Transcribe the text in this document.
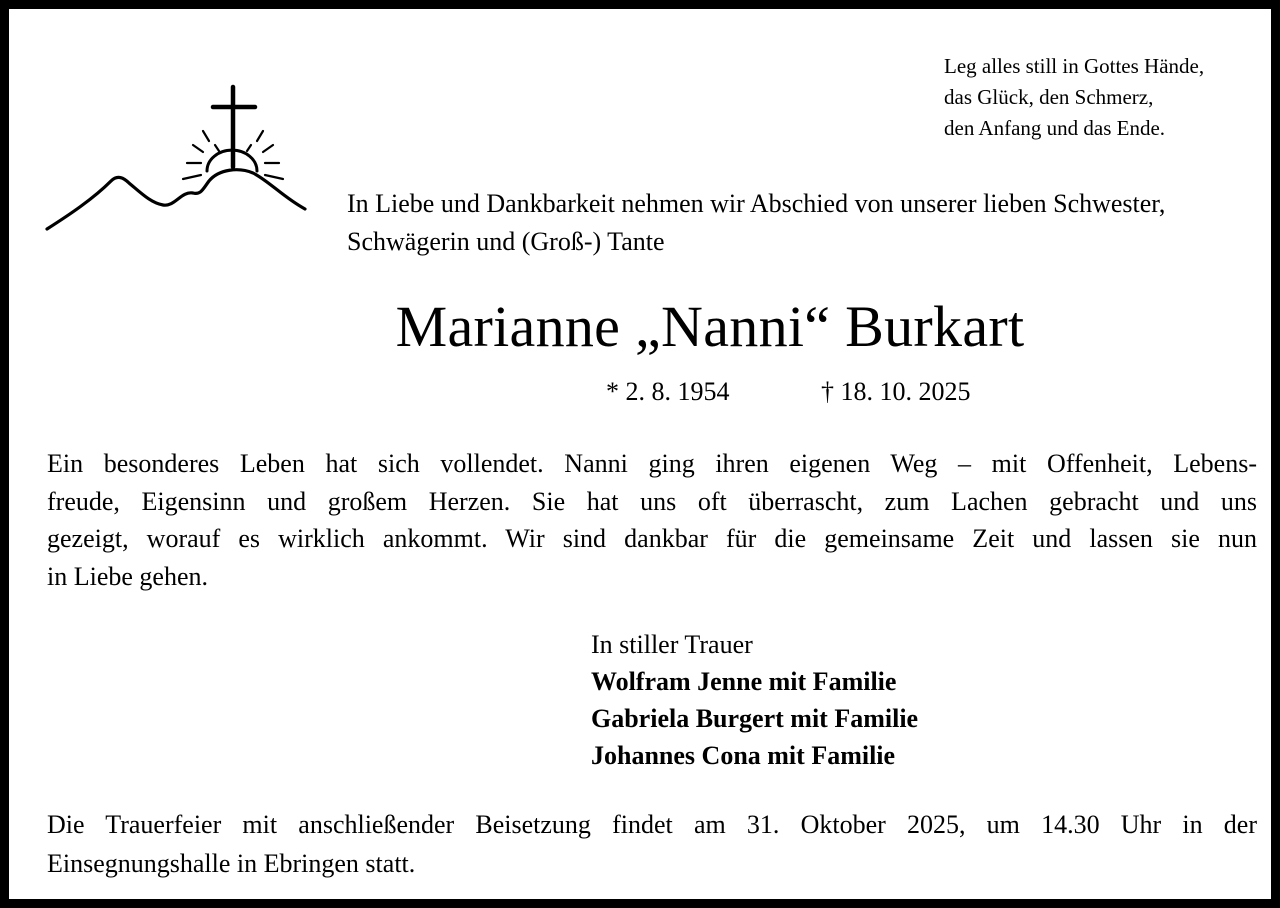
Leg alles still in Gottes Hände,
das Glück, den Schmerz,
den Anfang und das Ende.
In Liebe und Dankbarkeit nehmen wir Abschied von unserer lieben Schwester,
Schwägerin und (Groß-) Tante
Marianne „Nanni“ Burkart
* 2. 8. 1954	† 18. 10. 2025
Ein besonderes Leben hat sich vollendet. Nanni ging ihren eigenen Weg – mit Offenheit, Lebens-
freude, Eigensinn und großem Herzen. Sie hat uns oft überrascht, zum Lachen gebracht und uns
gezeigt, worauf es wirklich ankommt. Wir sind dankbar für die gemeinsame Zeit und lassen sie nun
in Liebe gehen.
In stiller Trauer
Wolfram Jenne mit Familie
Gabriela Burgert mit Familie
Johannes Cona mit Familie
Die Trauerfeier mit anschließender Beisetzung findet am 31. Oktober 2025, um 14.30 Uhr in der
Einsegnungshalle in Ebringen statt.
